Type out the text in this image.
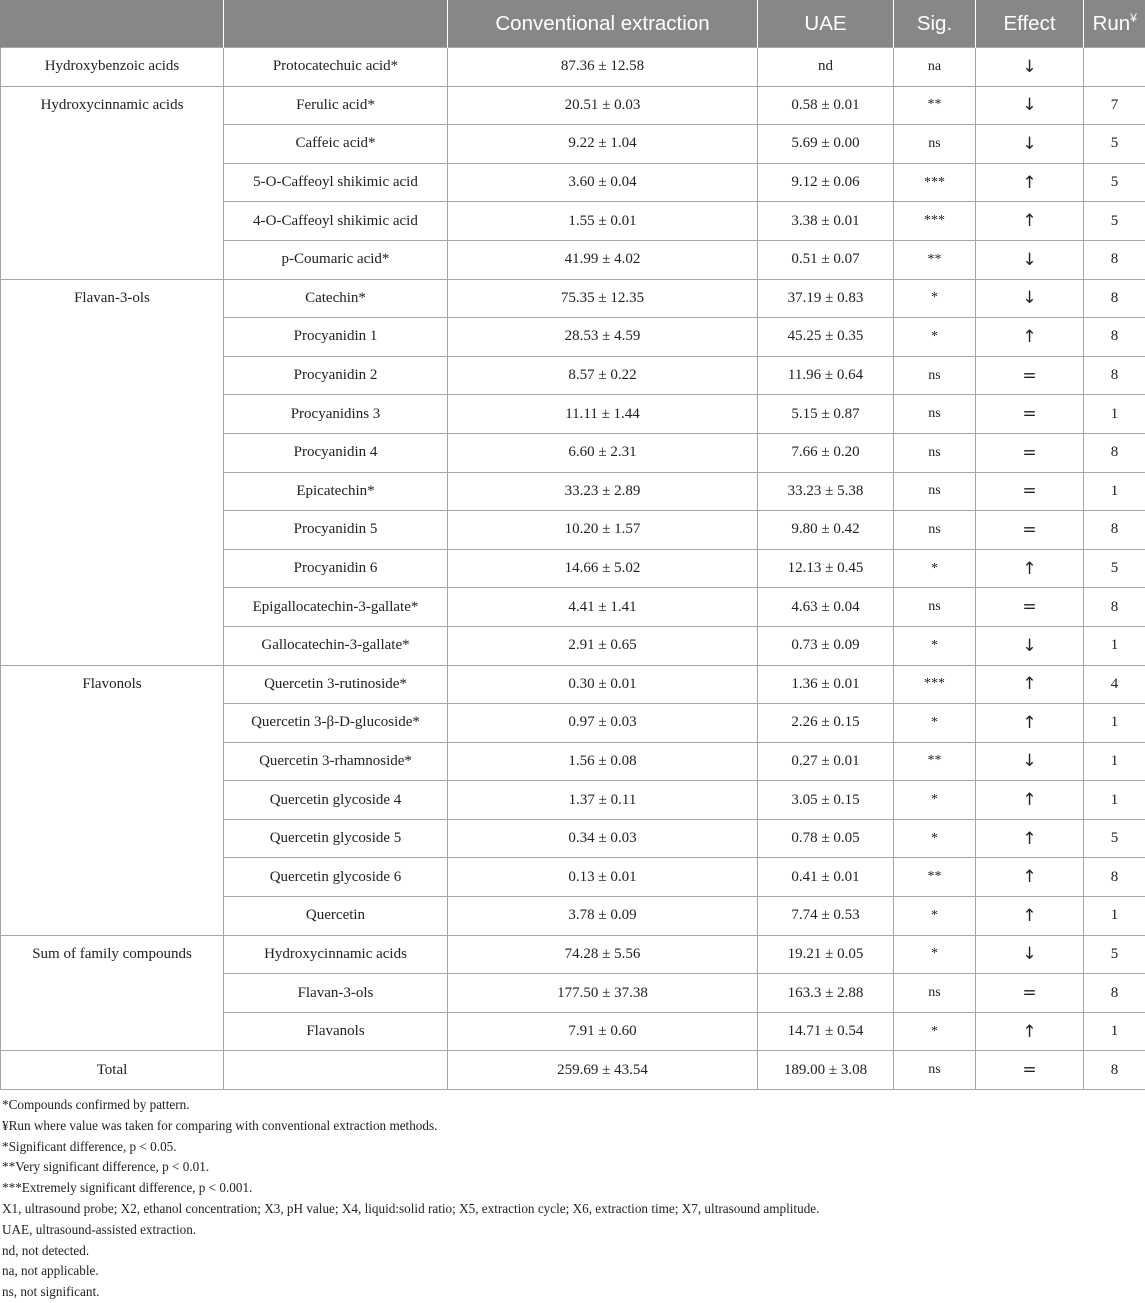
		Conventional extraction	UAE	Sig.	Effect	Run¥
Hydroxybenzoic acids	Protocatechuic acid*	87.36 ± 12.58	nd	na	↓	
Hydroxycinnamic acids	Ferulic acid*	20.51 ± 0.03	0.58 ± 0.01	**	↓	7
	Caffeic acid*	9.22 ± 1.04	5.69 ± 0.00	ns	↓	5
	5-O-Caffeoyl shikimic acid	3.60 ± 0.04	9.12 ± 0.06	***	↑	5
	4-O-Caffeoyl shikimic acid	1.55 ± 0.01	3.38 ± 0.01	***	↑	5
	p-Coumaric acid*	41.99 ± 4.02	0.51 ± 0.07	**	↓	8
Flavan-3-ols	Catechin*	75.35 ± 12.35	37.19 ± 0.83	*	↓	8
	Procyanidin 1	28.53 ± 4.59	45.25 ± 0.35	*	↑	8
	Procyanidin 2	8.57 ± 0.22	11.96 ± 0.64	ns	=	8
	Procyanidins 3	11.11 ± 1.44	5.15 ± 0.87	ns	=	1
	Procyanidin 4	6.60 ± 2.31	7.66 ± 0.20	ns	=	8
	Epicatechin*	33.23 ± 2.89	33.23 ± 5.38	ns	=	1
	Procyanidin 5	10.20 ± 1.57	9.80 ± 0.42	ns	=	8
	Procyanidin 6	14.66 ± 5.02	12.13 ± 0.45	*	↑	5
	Epigallocatechin-3-gallate*	4.41 ± 1.41	4.63 ± 0.04	ns	=	8
	Gallocatechin-3-gallate*	2.91 ± 0.65	0.73 ± 0.09	*	↓	1
Flavonols	Quercetin 3-rutinoside*	0.30 ± 0.01	1.36 ± 0.01	***	↑	4
	Quercetin 3-β-D-glucoside*	0.97 ± 0.03	2.26 ± 0.15	*	↑	1
	Quercetin 3-rhamnoside*	1.56 ± 0.08	0.27 ± 0.01	**	↓	1
	Quercetin glycoside 4	1.37 ± 0.11	3.05 ± 0.15	*	↑	1
	Quercetin glycoside 5	0.34 ± 0.03	0.78 ± 0.05	*	↑	5
	Quercetin glycoside 6	0.13 ± 0.01	0.41 ± 0.01	**	↑	8
	Quercetin	3.78 ± 0.09	7.74 ± 0.53	*	↑	1
Sum of family compounds	Hydroxycinnamic acids	74.28 ± 5.56	19.21 ± 0.05	*	↓	5
	Flavan-3-ols	177.50 ± 37.38	163.3 ± 2.88	ns	=	8
	Flavanols	7.91 ± 0.60	14.71 ± 0.54	*	↑	1
Total		259.69 ± 43.54	189.00 ± 3.08	ns	=	8
*Compounds confirmed by pattern.
¥Run where value was taken for comparing with conventional extraction methods.
*Significant difference, p < 0.05.
**Very significant difference, p < 0.01.
***Extremely significant difference, p < 0.001.
X1, ultrasound probe; X2, ethanol concentration; X3, pH value; X4, liquid:solid ratio; X5, extraction cycle; X6, extraction time; X7, ultrasound amplitude.
UAE, ultrasound-assisted extraction.
nd, not detected.
na, not applicable.
ns, not significant.
